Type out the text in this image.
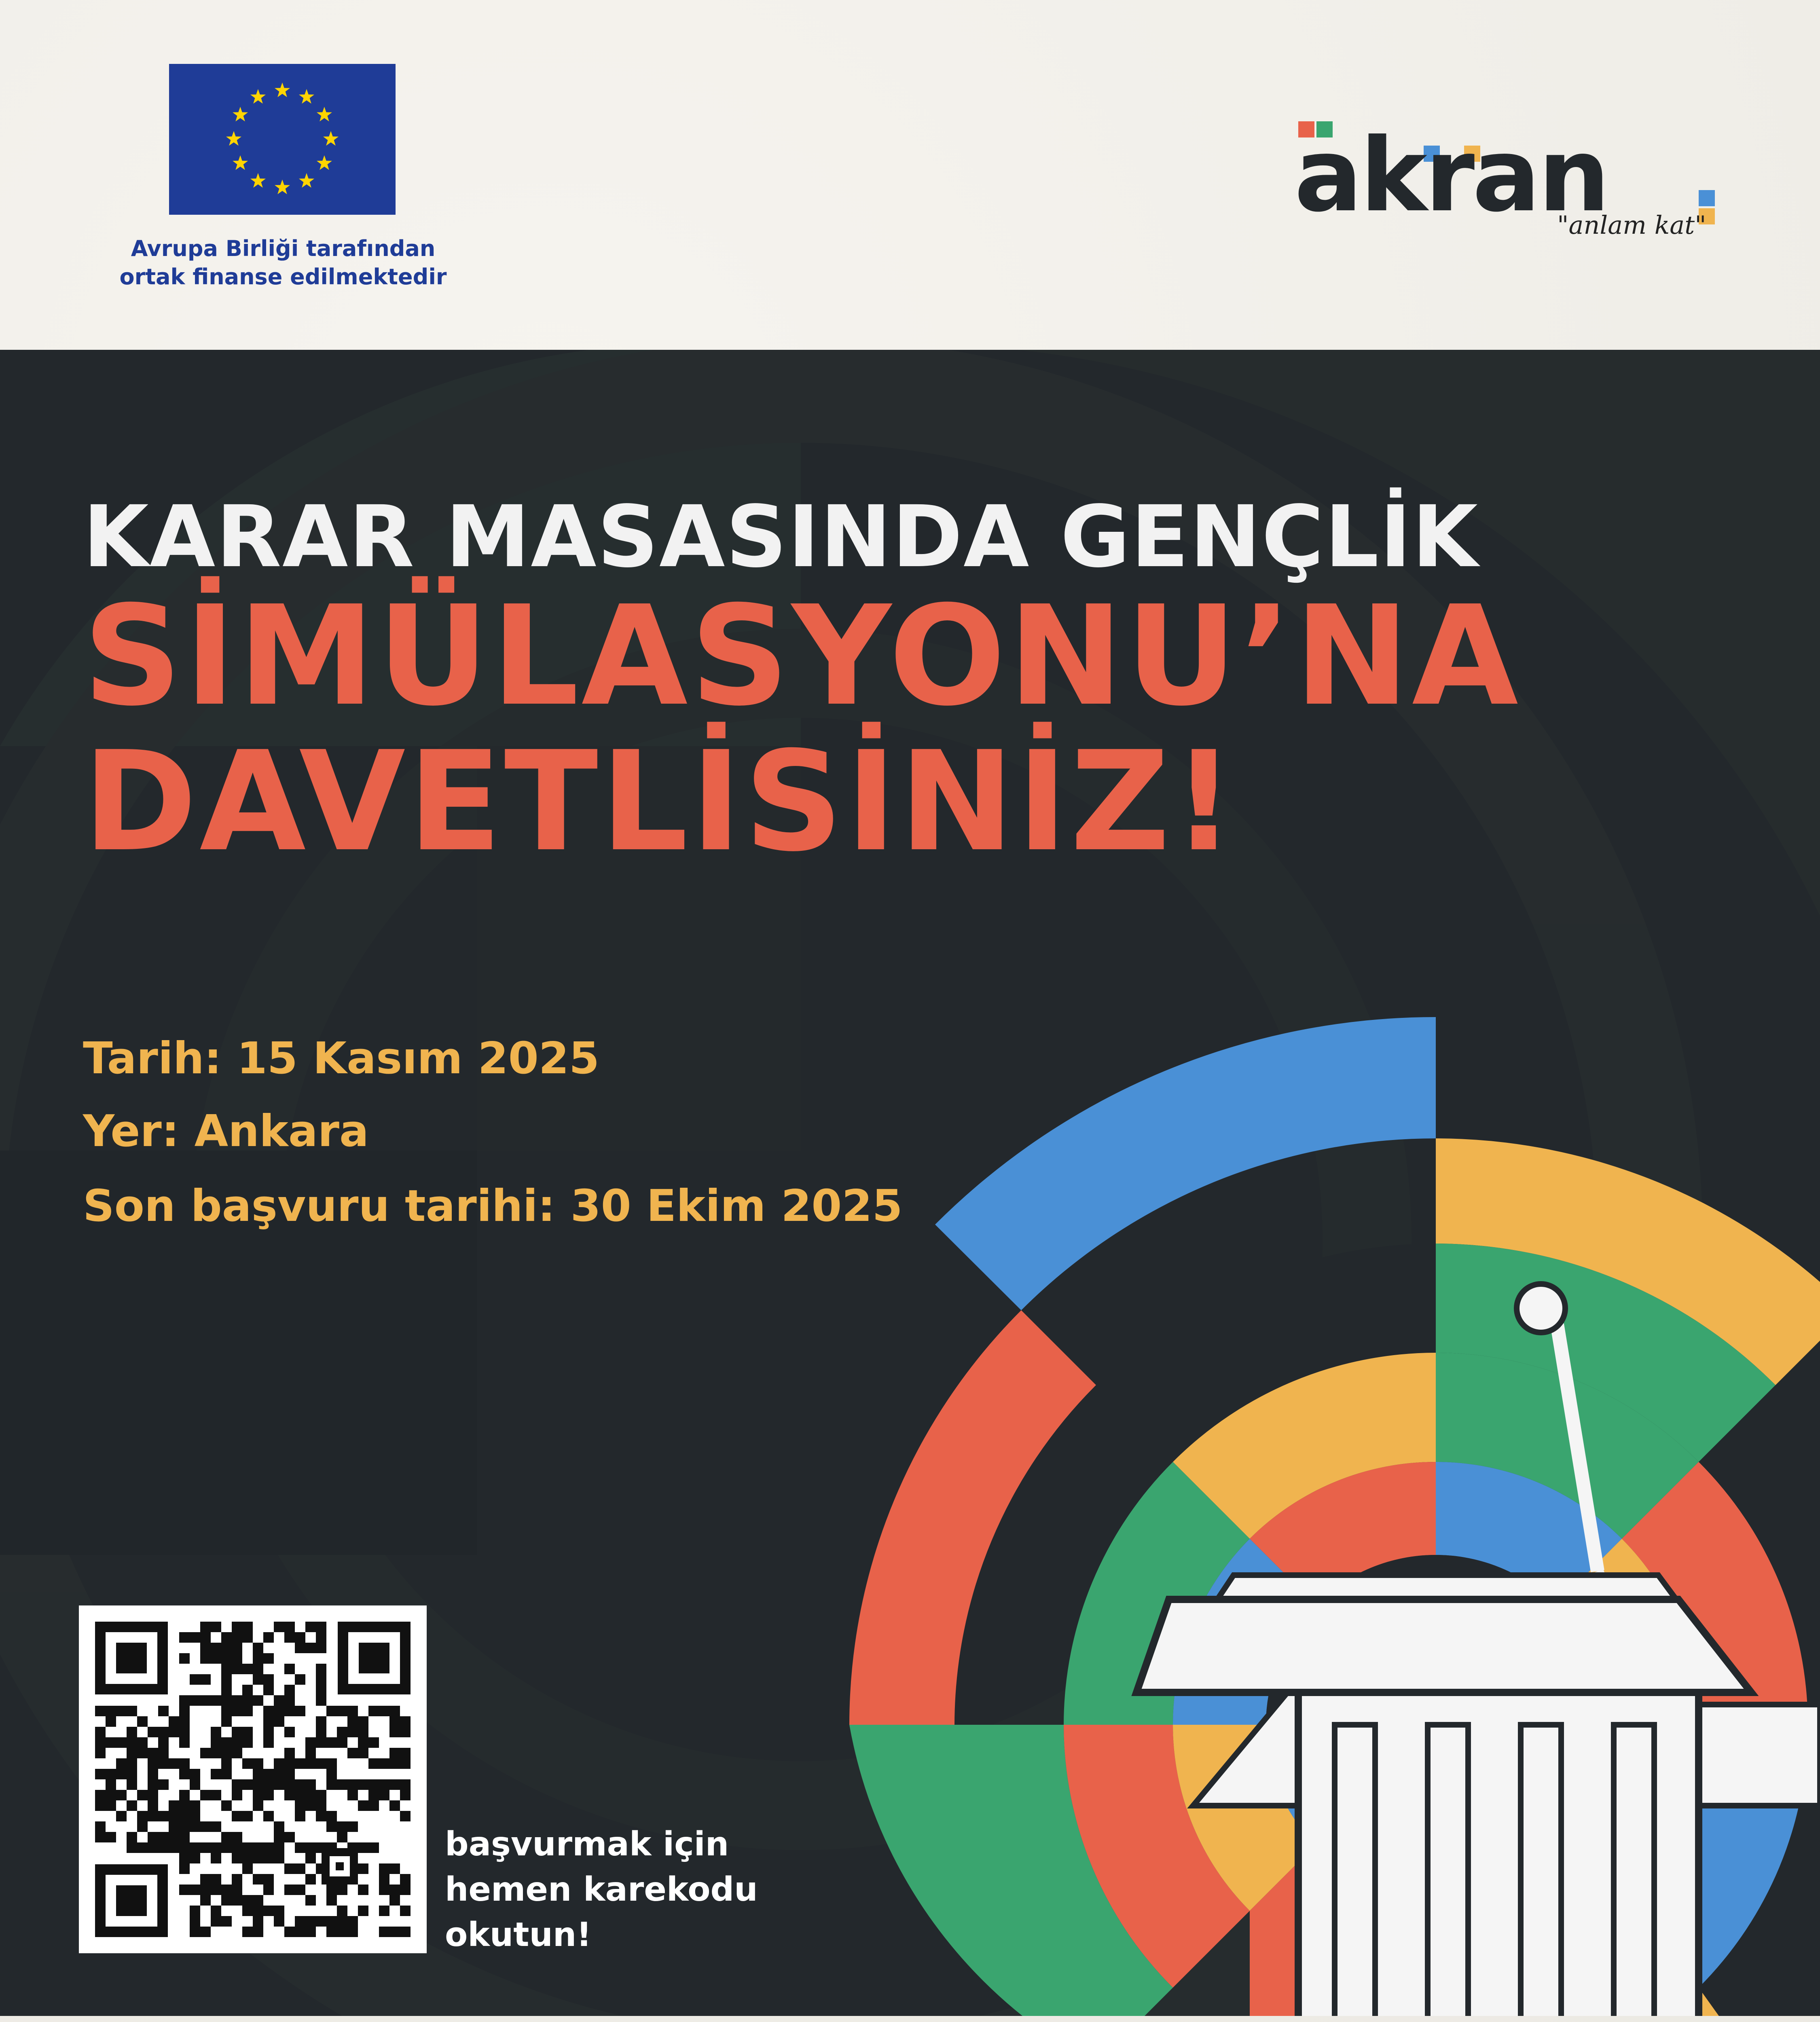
Avrupa Birliği tarafından
ortak finanse edilmektedir
akran
"anlam kat"
KARAR MASASINDA GENÇLİK
SİMÜLASYONU’NA
DAVETLİSİNİZ!
Tarih: 15 Kasım 2025
Yer: Ankara
Son başvuru tarihi: 30 Ekim 2025
başvurmak için
hemen karekodu
okutun!
